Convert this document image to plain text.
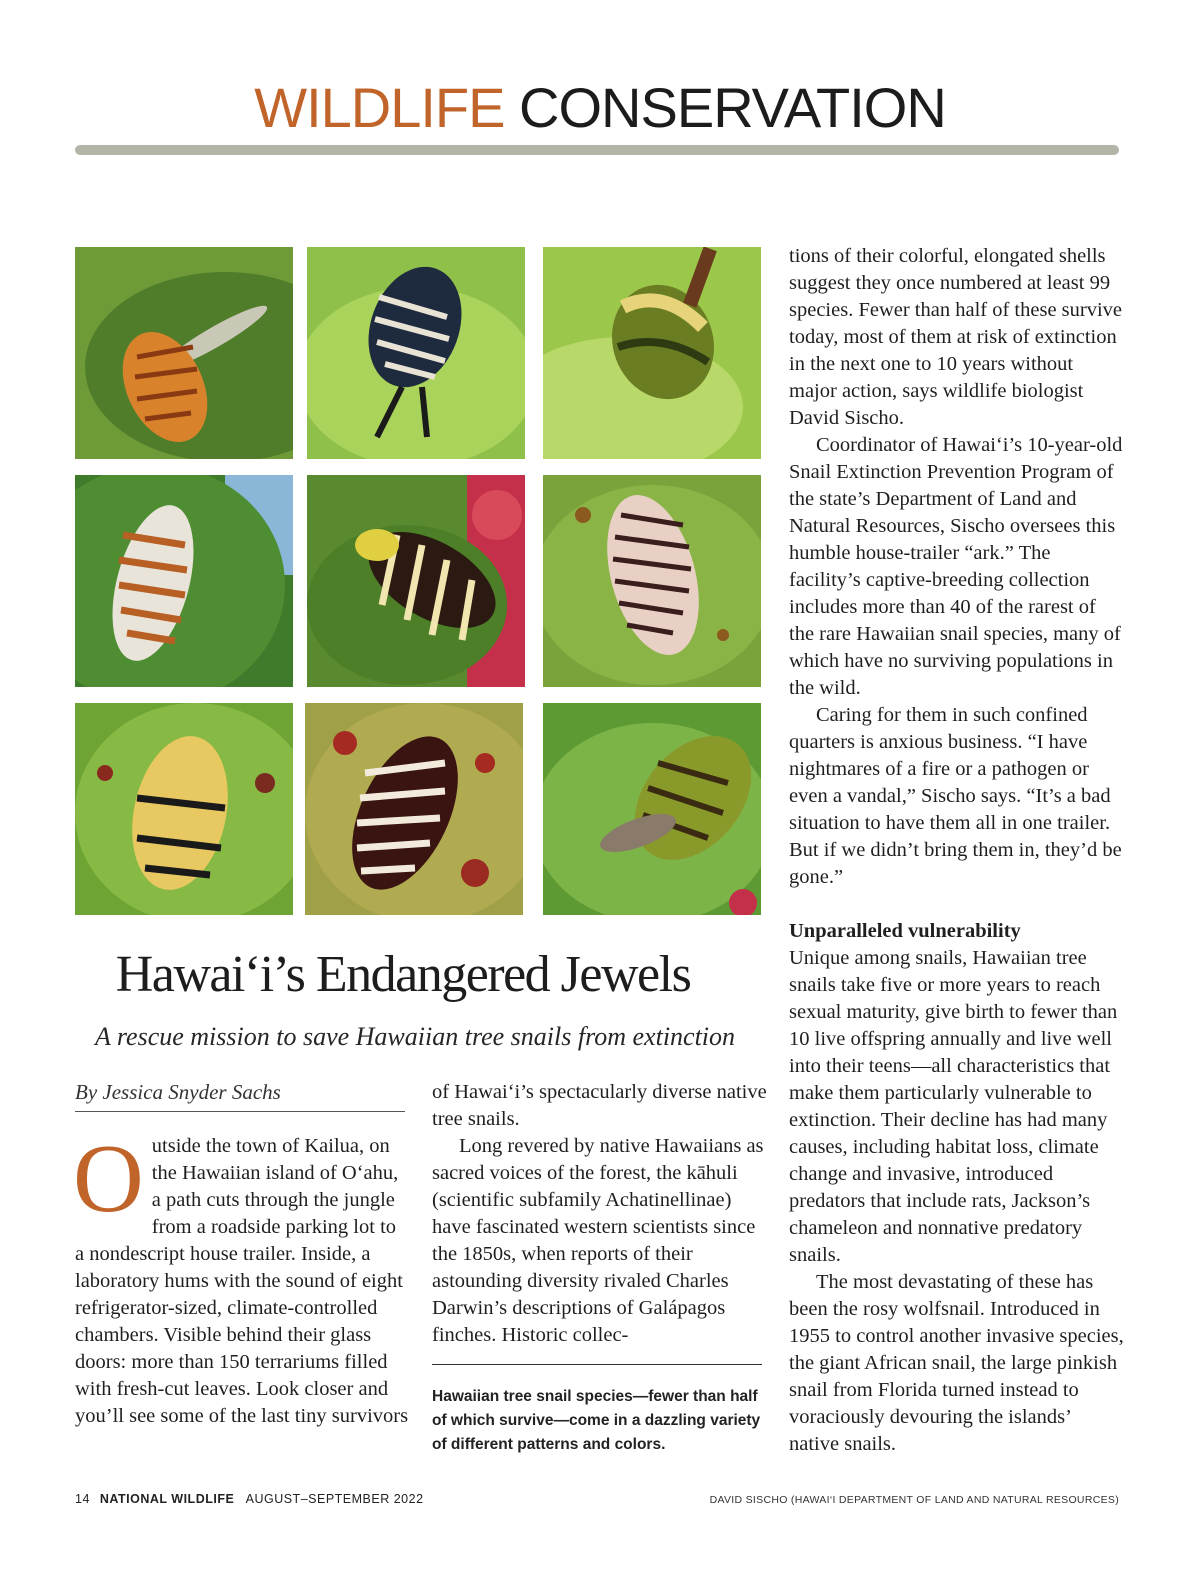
WILDLIFE CONSERVATION
Hawaiʻi’s Endangered Jewels
A rescue mission to save Hawaiian tree snails from extinction
By Jessica Snyder Sachs

Outside the town of Kailua, on the Hawaiian island of O‘ahu, a path cuts through the jungle from a roadside parking lot to a nondescript house trailer. Inside, a laboratory hums with the sound of eight refrigerator-sized, climate-controlled chambers. Visible behind their glass doors: more than 150 terrariums filled with fresh-cut leaves. Look closer and you’ll see some of the last tiny survivors

of Hawai‘i’s spectacularly diverse native tree snails.

Long revered by native Hawaiians as sacred voices of the forest, the kāhuli (scientific subfamily Achatinellinae) have fascinated western scientists since the 1850s, when reports of their astounding diversity rivaled Charles Darwin’s descriptions of Galápagos finches. Historic collec-

Hawaiian tree snail species—fewer than half of which survive—come in a dazzling variety of different patterns and colors.

tions of their colorful, elongated shells suggest they once numbered at least 99 species. Fewer than half of these survive today, most of them at risk of extinction in the next one to 10 years without major action, says wildlife biologist David Sischo.

Coordinator of Hawai‘i’s 10-year-old Snail Extinction Prevention Program of the state’s Department of Land and Natural Resources, Sischo oversees this humble house-trailer “ark.” The facility’s captive-breeding collection includes more than 40 of the rarest of the rare Hawaiian snail species, many of which have no surviving populations in the wild.

Caring for them in such confined quarters is anxious business. “I have nightmares of a fire or a pathogen or even a vandal,” Sischo says. “It’s a bad situation to have them all in one trailer. But if we didn’t bring them in, they’d be gone.”

Unparalleled vulnerability

Unique among snails, Hawaiian tree snails take five or more years to reach sexual maturity, give birth to fewer than 10 live offspring annually and live well into their teens—all characteristics that make them particularly vulnerable to extinction. Their decline has had many causes, including habitat loss, climate change and invasive, introduced predators that include rats, Jackson’s chameleon and nonnative predatory snails.

The most devastating of these has been the rosy wolfsnail. Introduced in 1955 to control another invasive species, the giant African snail, the large pinkish snail from Florida turned instead to voraciously devouring the islands’ native snails.

14 NATIONAL WILDLIFE AUGUST–SEPTEMBER 2022	DAVID SISCHO (HAWAI‘I DEPARTMENT OF LAND AND NATURAL RESOURCES)
